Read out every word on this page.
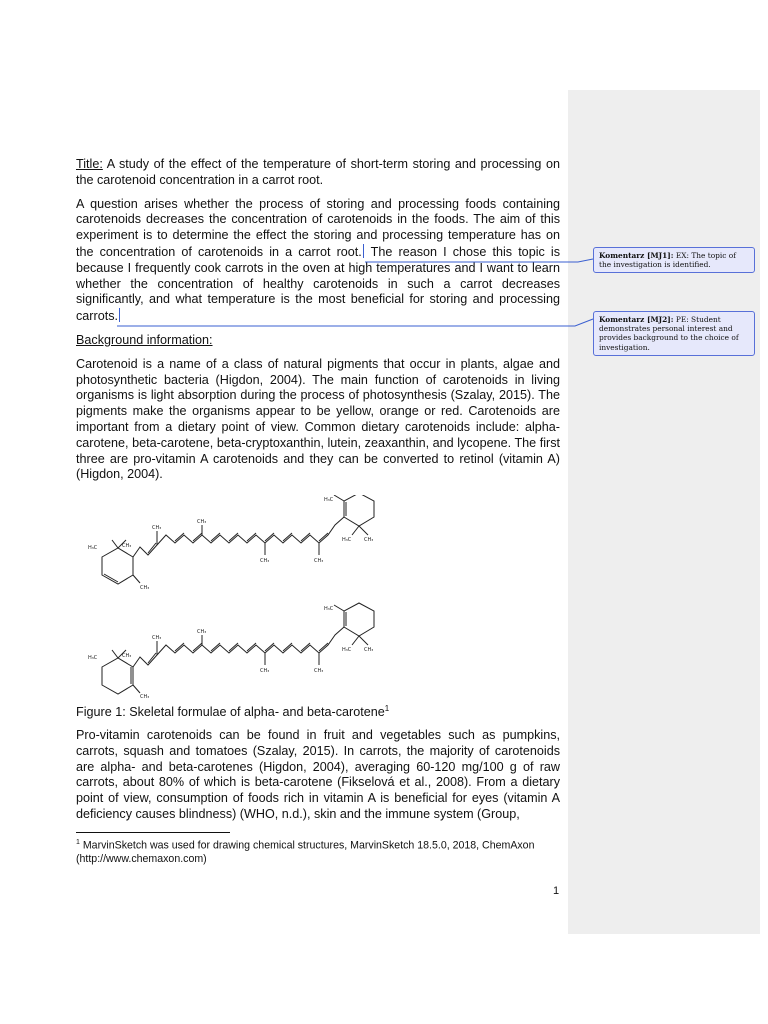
Title: A study of the effect of the temperature of short-term storing and processing on the carotenoid concentration in a carrot root.

A question arises whether the process of storing and processing foods containing carotenoids decreases the concentration of carotenoids in the foods. The aim of this experiment is to determine the effect the storing and processing temperature has on the concentration of carotenoids in a carrot root. The reason I chose this topic is because I frequently cook carrots in the oven at high temperatures and I want to learn whether the concentration of healthy carotenoids in such a carrot decreases significantly, and what temperature is the most beneficial for storing and processing carrots.

Background information:

Carotenoid is a name of a class of natural pigments that occur in plants, algae and photosynthetic bacteria (Higdon, 2004). The main function of carotenoids in living organisms is light absorption during the process of photosynthesis (Szalay, 2015). The pigments make the organisms appear to be yellow, orange or red. Carotenoids are important from a dietary point of view. Common dietary carotenoids include: alpha-carotene, beta-carotene, beta-cryptoxanthin, lutein, zeaxanthin, and lycopene. The first three are pro-vitamin A carotenoids and they can be converted to retinol (vitamin A) (Higdon, 2004).

Komentarz [MJ1]: EX: The topic of the investigation is identified.
Komentarz [MJ2]: PE: Student demonstrates personal interest and provides background to the choice of investigation.
CH₃
CH₃
CH₃	CH₃
H₃C	CH₃
CH₃
H₃C
H₃C	CH₃
CH₃
CH₃
CH₃	CH₃
H₃C	CH₃
CH₃
H₃C
H₃C	CH₃
Figure 1: Skeletal formulae of alpha- and beta-carotene$^1$

Pro-vitamin carotenoids can be found in fruit and vegetables such as pumpkins, carrots, squash and tomatoes (Szalay, 2015). In carrots, the majority of carotenoids are alpha- and beta-carotenes (Higdon, 2004), averaging 60-120 mg/100 g of raw carrots, about 80% of which is beta-carotene (Fikselová et al., 2008). From a dietary point of view, consumption of foods rich in vitamin A is beneficial for eyes (vitamin A deficiency causes blindness) (WHO, n.d.), skin and the immune system (Group,

$^1$ MarvinSketch was used for drawing chemical structures, MarvinSketch 18.5.0, 2018, ChemAxon (http://www.chemaxon.com)
1
